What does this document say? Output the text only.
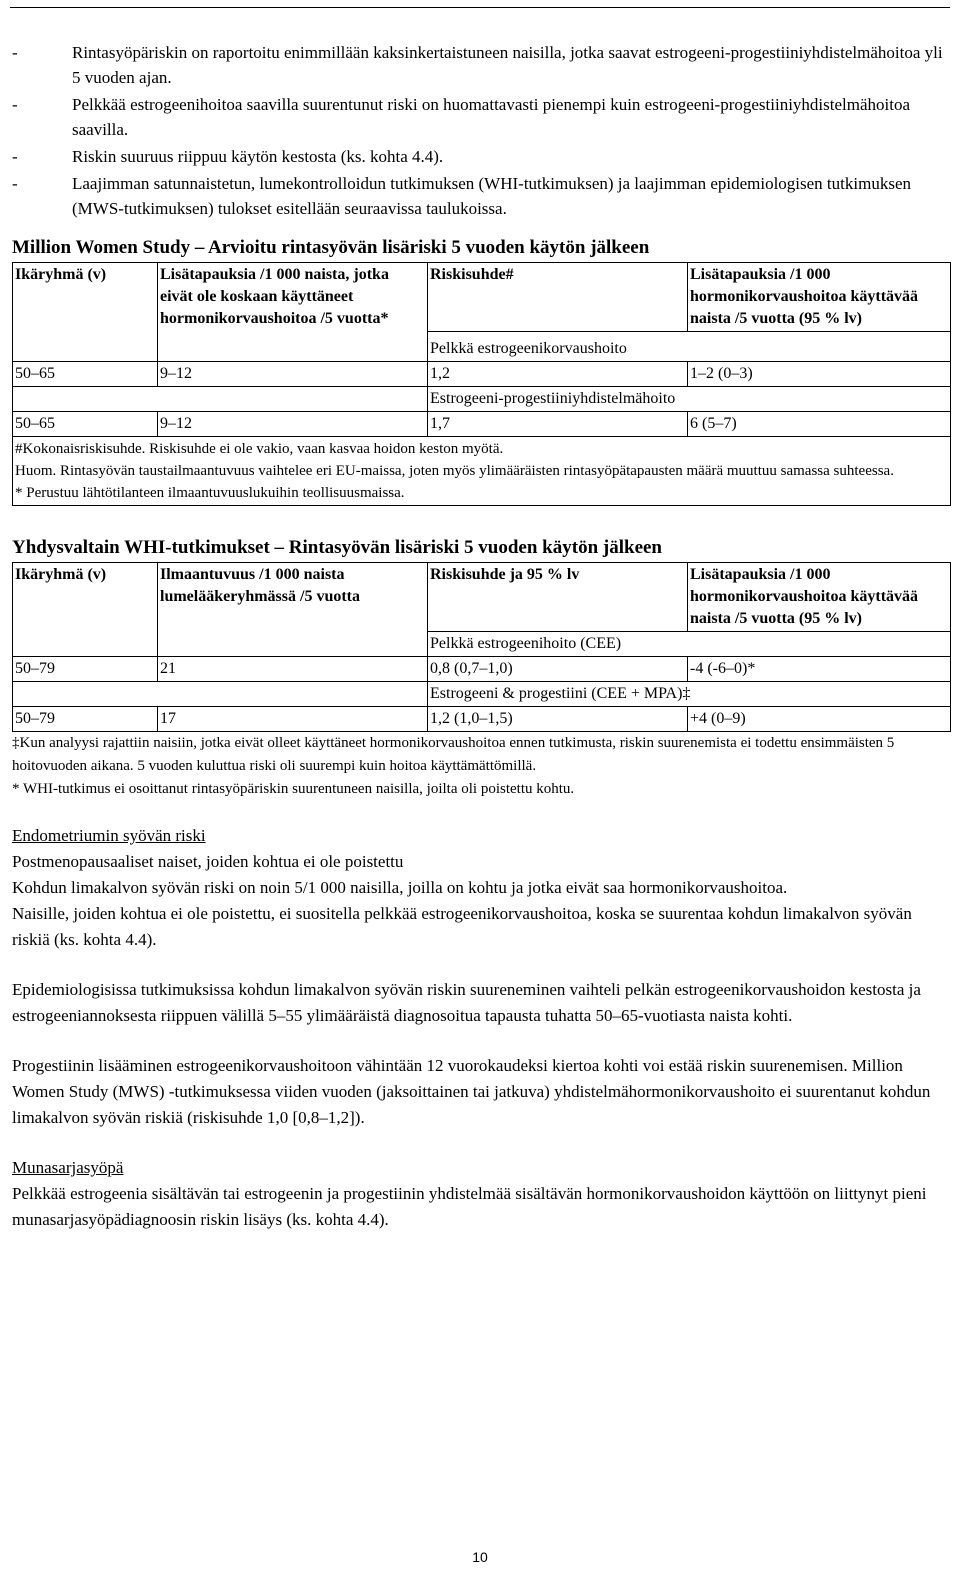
-	Rintasyöpäriskin on raportoitu enimmillään kaksinkertaistuneen naisilla, jotka saavat estrogeeni-progestiiniyhdistelmähoitoa yli 5 vuoden ajan.
-	Pelkkää estrogeenihoitoa saavilla suurentunut riski on huomattavasti pienempi kuin estrogeeni-progestiiniyhdistelmähoitoa saavilla.
-	Riskin suuruus riippuu käytön kestosta (ks. kohta 4.4).
-	Laajimman satunnaistetun, lumekontrolloidun tutkimuksen (WHI-tutkimuksen) ja laajimman epidemiologisen tutkimuksen (MWS-tutkimuksen) tulokset esitellään seuraavissa taulukoissa.
Million Women Study – Arvioitu rintasyövän lisäriski 5 vuoden käytön jälkeen
Ikäryhmä (v)	Lisätapauksia /1 000 naista, jotka eivät ole koskaan käyttäneet hormonikorvaushoitoa /5 vuotta*	Riskisuhde#	Lisätapauksia /1 000 hormonikorvaushoitoa käyttävää naista /5 vuotta (95 % lv)
		Pelkkä estrogeenikorvaushoito	
50–65	9–12	1,2	1–2 (0–3)
		Estrogeeni-progestiiniyhdistelmähoito	
50–65	9–12	1,7	6 (5–7)

#Kokonaisriskisuhde. Riskisuhde ei ole vakio, vaan kasvaa hoidon keston myötä.
Huom. Rintasyövän taustailmaantuvuus vaihtelee eri EU-maissa, joten myös ylimääräisten rintasyöpätapausten määrä muuttuu samassa suhteessa.
* Perustuu lähtötilanteen ilmaantuvuuslukuihin teollisuusmaissa.			
Yhdysvaltain WHI-tutkimukset – Rintasyövän lisäriski 5 vuoden käytön jälkeen
Ikäryhmä (v)	Ilmaantuvuus /1 000 naista lumelääkeryhmässä /5 vuotta	Riskisuhde ja 95 % lv	Lisätapauksia /1 000 hormonikorvaushoitoa käyttävää naista /5 vuotta (95 % lv)
		Pelkkä estrogeenihoito (CEE)	
50–79	21	0,8 (0,7–1,0)	-4 (-6–0)*
		Estrogeeni & progestiini (CEE + MPA)‡	
50–79	17	1,2 (1,0–1,5)	+4 (0–9)
‡Kun analyysi rajattiin naisiin, jotka eivät olleet käyttäneet hormonikorvaushoitoa ennen tutkimusta, riskin suurenemista ei todettu ensimmäisten 5 hoitovuoden aikana. 5 vuoden kuluttua riski oli suurempi kuin hoitoa käyttämättömillä.
* WHI-tutkimus ei osoittanut rintasyöpäriskin suurentuneen naisilla, joilta oli poistettu kohtu.

Endometriumin syövän riski

Postmenopausaaliset naiset, joiden kohtua ei ole poistettu

Kohdun limakalvon syövän riski on noin 5/1 000 naisilla, joilla on kohtu ja jotka eivät saa hormonikorvaushoitoa.

Naisille, joiden kohtua ei ole poistettu, ei suositella pelkkää estrogeenikorvaushoitoa, koska se suurentaa kohdun limakalvon syövän riskiä (ks. kohta 4.4).

Epidemiologisissa tutkimuksissa kohdun limakalvon syövän riskin suureneminen vaihteli pelkän estrogeenikorvaushoidon kestosta ja estrogeeniannoksesta riippuen välillä 5–55 ylimääräistä diagnosoitua tapausta tuhatta 50–65-vuotiasta naista kohti.

Progestiinin lisääminen estrogeenikorvaushoitoon vähintään 12 vuorokaudeksi kiertoa kohti voi estää riskin suurenemisen. Million Women Study (MWS) -tutkimuksessa viiden vuoden (jaksoittainen tai jatkuva) yhdistelmähormonikorvaushoito ei suurentanut kohdun limakalvon syövän riskiä (riskisuhde 1,0 [0,8–1,2]).

Munasarjasyöpä

Pelkkää estrogeenia sisältävän tai estrogeenin ja progestiinin yhdistelmää sisältävän hormonikorvaushoidon käyttöön on liittynyt pieni munasarjasyöpädiagnoosin riskin lisäys (ks. kohta 4.4).

10
